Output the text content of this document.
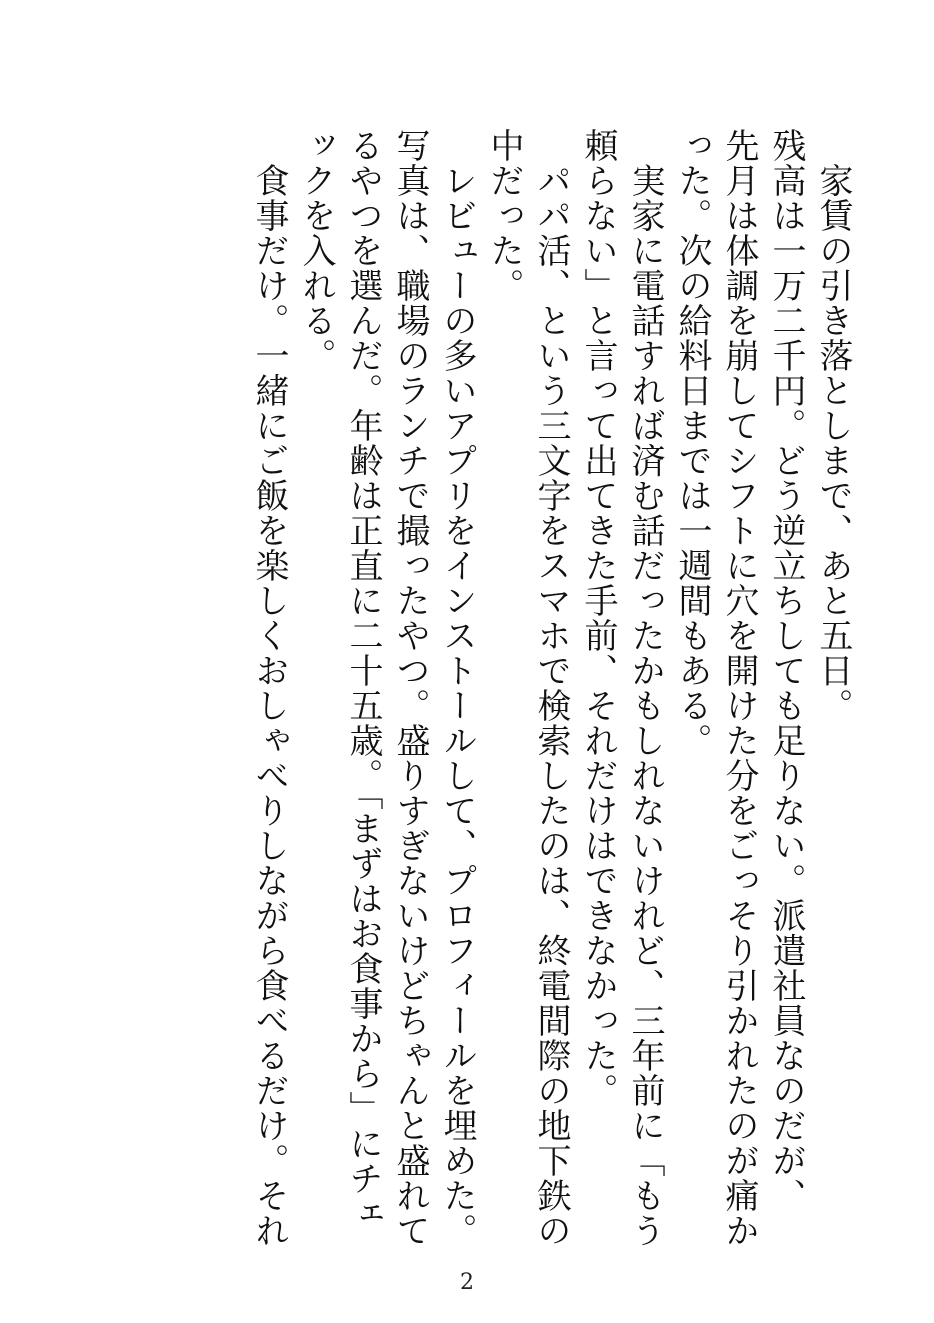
　家賃の引き落としまで、あと五日。
残高は一万二千円。どう逆立ちしても足りない。派遣社員なのだが、
先月は体調を崩してシフトに穴を開けた分をごっそり引かれたのが痛か
った。次の給料日までは一週間もある。
　実家に電話すれば済む話だったかもしれないけれど、三年前に「もう
頼らない」と言って出てきた手前、それだけはできなかった。
　パパ活、という三文字をスマホで検索したのは、終電間際の地下鉄の
中だった。
　レビューの多いアプリをインストールして、プロフィールを埋めた。
写真は、職場のランチで撮ったやつ。盛りすぎないけどちゃんと盛れて
るやつを選んだ。年齢は正直に二十五歳。「まずはお食事から」にチェ
ックを入れる。
　食事だけ。一緒にご飯を楽しくおしゃべりしながら食べるだけ。それ
2
